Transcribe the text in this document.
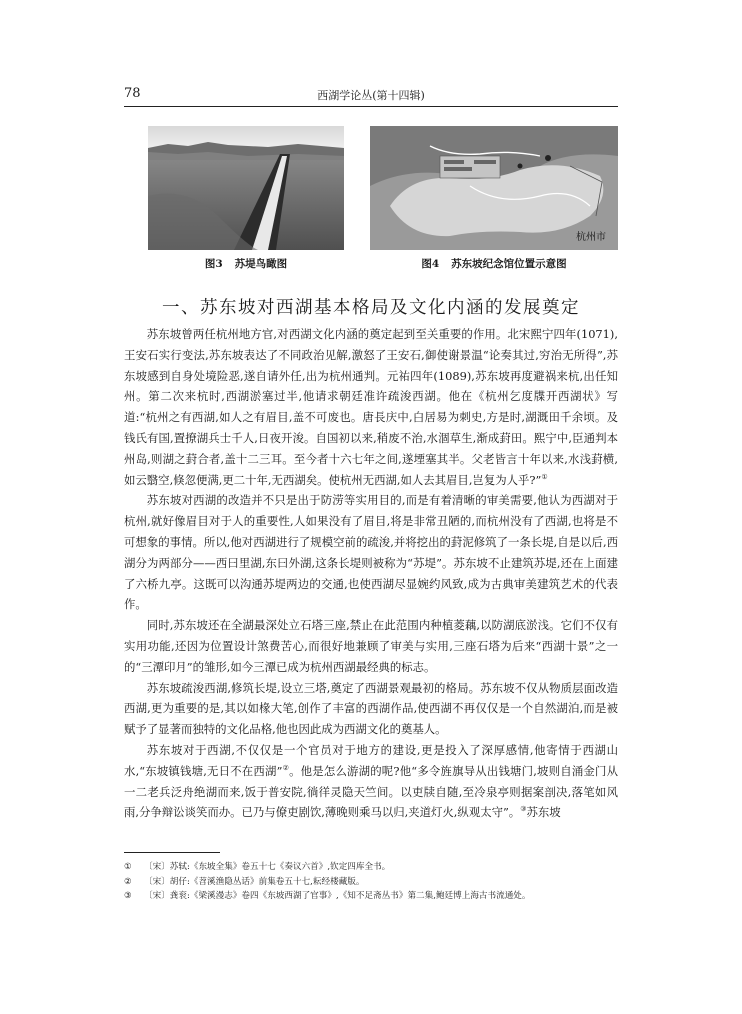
78	西湖学论丛(第十四辑)
图3 苏堤鸟瞰图
杭州市
图4 苏东坡纪念馆位置示意图
一、苏东坡对西湖基本格局及文化内涵的发展奠定

苏东坡曾两任杭州地方官,对西湖文化内涵的奠定起到至关重要的作用。北宋熙宁四年(1071),王安石实行变法,苏东坡表达了不同政治见解,激怒了王安石,御使谢景温“论奏其过,穷治无所得”,苏东坡感到自身处境险恶,遂自请外任,出为杭州通判。元祐四年(1089),苏东坡再度避祸来杭,出任知州。第二次来杭时,西湖淤塞过半,他请求朝廷准许疏浚西湖。他在《杭州乞度牒开西湖状》写道:“杭州之有西湖,如人之有眉目,盖不可废也。唐長庆中,白居易为刺史,方是时,湖溉田千余顷。及钱氏有国,置撩湖兵士千人,日夜开浚。自国初以来,稍废不治,水涸草生,渐成葑田。熙宁中,臣通判本州岛,则湖之葑合者,盖十二三耳。至今者十六七年之间,遂堙塞其半。父老皆言十年以来,水浅葑横,如云翳空,倏忽便满,更二十年,无西湖矣。使杭州无西湖,如人去其眉目,岂复为人乎?”①

苏东坡对西湖的改造并不只是出于防涝等实用目的,而是有着清晰的审美需要,他认为西湖对于杭州,就好像眉目对于人的重要性,人如果没有了眉目,将是非常丑陋的,而杭州没有了西湖,也将是不可想象的事情。所以,他对西湖进行了规模空前的疏浚,并将挖出的葑泥修筑了一条长堤,自是以后,西湖分为两部分——西曰里湖,东曰外湖,这条长堤则被称为“苏堤”。苏东坡不止建筑苏堤,还在上面建了六桥九亭。这既可以沟通苏堤两边的交通,也使西湖尽显婉约风致,成为古典审美建筑艺术的代表作。

同时,苏东坡还在全湖最深处立石塔三座,禁止在此范围内种植菱藕,以防湖底淤浅。它们不仅有实用功能,还因为位置设计煞费苦心,而很好地兼顾了审美与实用,三座石塔为后来“西湖十景”之一的“三潭印月”的雏形,如今三潭已成为杭州西湖最经典的标志。

苏东坡疏浚西湖,修筑长堤,设立三塔,奠定了西湖景观最初的格局。苏东坡不仅从物质层面改造西湖,更为重要的是,其以如椽大笔,创作了丰富的西湖作品,使西湖不再仅仅是一个自然湖泊,而是被赋予了显著而独特的文化品格,他也因此成为西湖文化的奠基人。

苏东坡对于西湖,不仅仅是一个官员对于地方的建设,更是投入了深厚感情,他寄情于西湖山水,“东坡镇钱塘,无日不在西湖”②。他是怎么游湖的呢?他“多令旌旗导从出钱塘门,坡则自涌金门从一二老兵泛舟绝湖而来,饭于普安院,徜徉灵隐天竺间。以吏牍自随,至冷泉亭则据案剖决,落笔如风雨,分争辩讼谈笑而办。已乃与僚吏剧饮,薄晚则乘马以归,夹道灯火,纵观太守”。③苏东坡

① 〔宋〕苏轼:《东坡全集》卷五十七《奏议六首》,钦定四库全书。
② 〔宋〕胡仔:《苕溪渔隐丛话》前集卷五十七,耘经楼藏版。
③ 〔宋〕龚衮:《梁溪漫志》卷四《东坡西湖了官事》,《知不足斋丛书》第二集,鲍廷博上海古书流通处。
